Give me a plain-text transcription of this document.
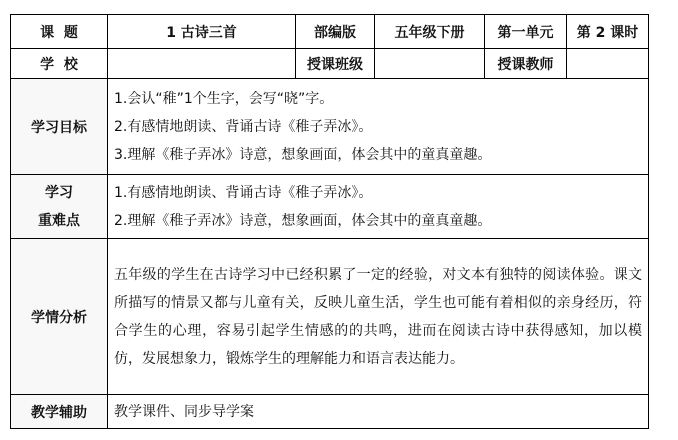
课  题	1 古诗三首	部编版	五年级下册	第一单元	第 2 课时
学  校		授课班级		授课教师	
学习目标	1.会认“稚”1个生字，会写“晓”字。
2.有感情地朗读、背诵古诗《稚子弄冰》。
3.理解《稚子弄冰》诗意，想象画面，体会其中的童真童趣。				

学习
重难点	1.有感情地朗读、背诵古诗《稚子弄冰》。
2.理解《稚子弄冰》诗意，想象画面，体会其中的童真童趣。				

学情分析	五年级的学生在古诗学习中已经积累了一定的经验，对文本有独特的阅读体验。课文所描写的情景又都与儿童有关，反映儿童生活，学生也可能有着相似的亲身经历，符合学生的心理，容易引起学生情感的的共鸣，进而在阅读古诗中获得感知，加以模仿，发展想象力，锻炼学生的理解能力和语言表达能力。				

教学辅助	教学课件、同步导学案				
